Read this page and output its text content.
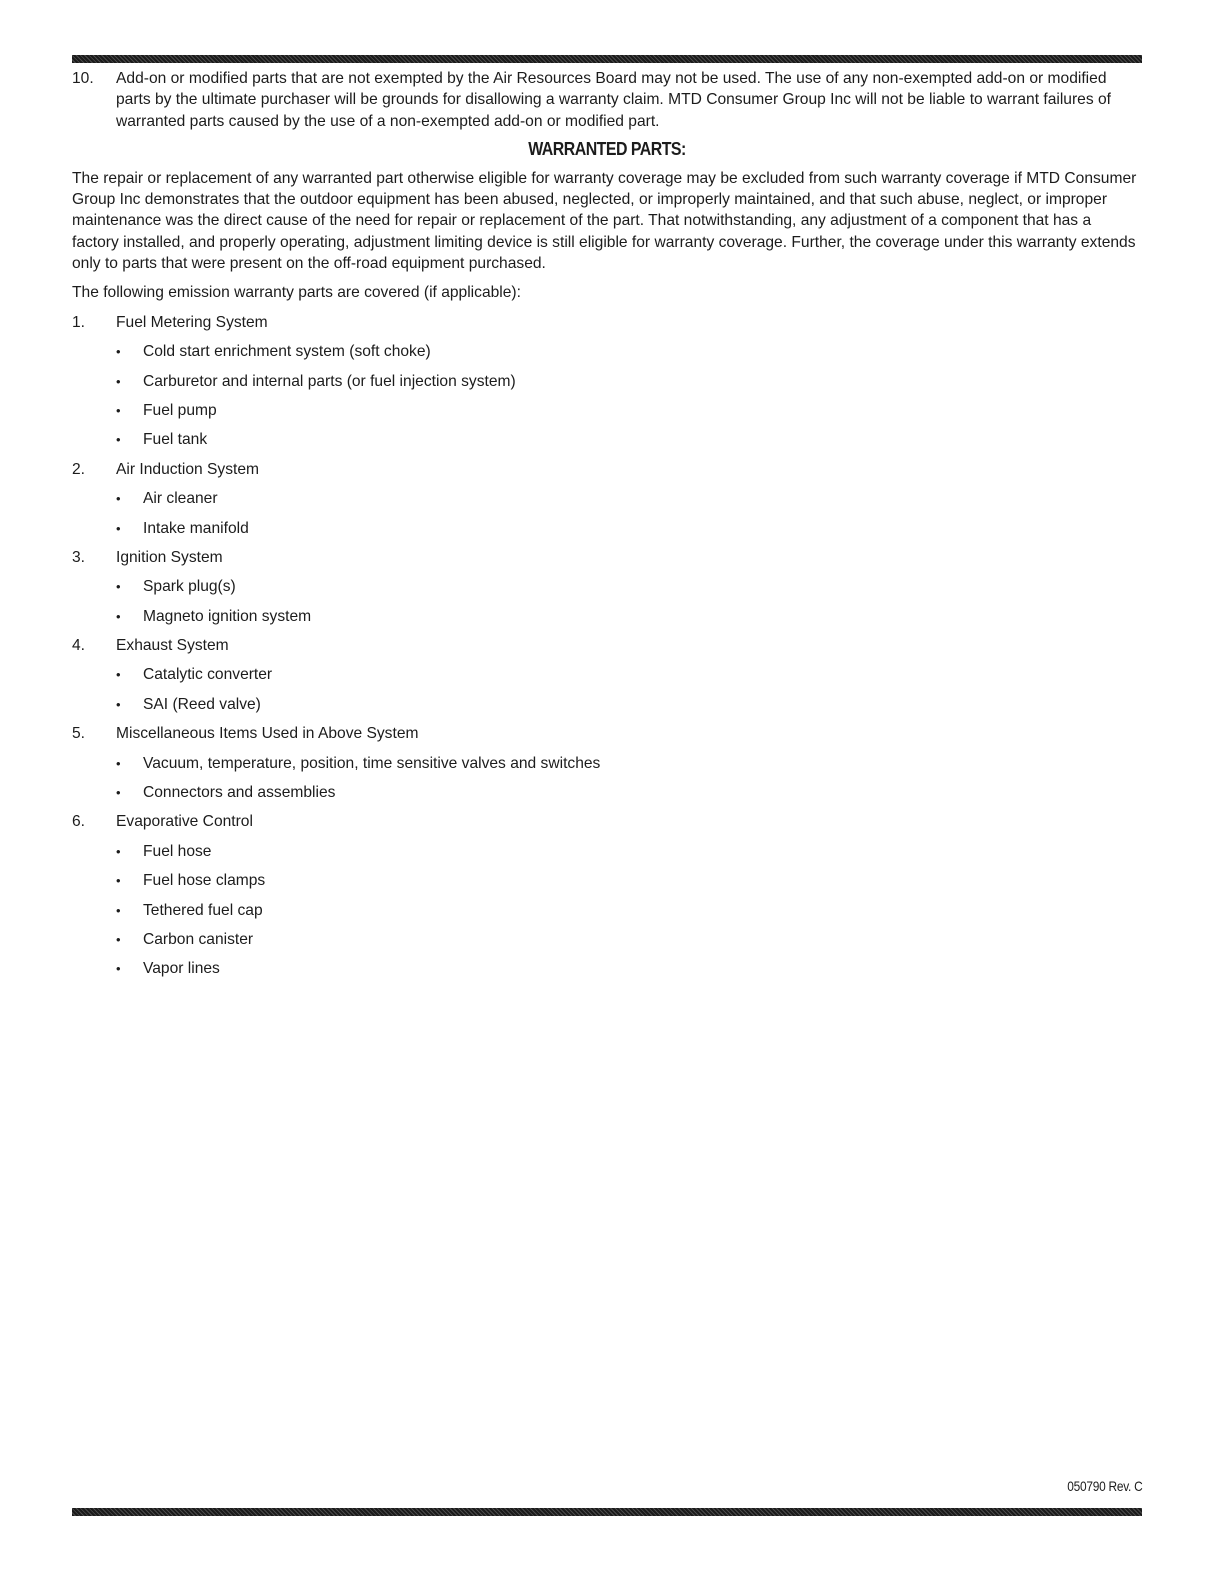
10. Add-on or modified parts that are not exempted by the Air Resources Board may not be used. The use of any non-exempted add-on or modified parts by the ultimate purchaser will be grounds for disallowing a warranty claim. MTD Consumer Group Inc will not be liable to warrant failures of warranted parts caused by the use of a non-exempted add-on or modified part.
WARRANTED PARTS:

The repair or replacement of any warranted part otherwise eligible for warranty coverage may be excluded from such warranty coverage if MTD Consumer Group Inc demonstrates that the outdoor equipment has been abused, neglected, or improperly maintained, and that such abuse, neglect, or improper maintenance was the direct cause of the need for repair or replacement of the part. That notwithstanding, any adjustment of a component that has a factory installed, and properly operating, adjustment limiting device is still eligible for warranty coverage. Further, the coverage under this warranty extends only to parts that were present on the off-road equipment purchased.

The following emission warranty parts are covered (if applicable):

1. Fuel Metering System
• Cold start enrichment system (soft choke)
• Carburetor and internal parts (or fuel injection system)
• Fuel pump
• Fuel tank
2. Air Induction System
• Air cleaner
• Intake manifold
3. Ignition System
• Spark plug(s)
• Magneto ignition system
4. Exhaust System
• Catalytic converter
• SAI (Reed valve)
5. Miscellaneous Items Used in Above System
• Vacuum, temperature, position, time sensitive valves and switches
• Connectors and assemblies
6. Evaporative Control
• Fuel hose
• Fuel hose clamps
• Tethered fuel cap
• Carbon canister
• Vapor lines
050790 Rev. C
